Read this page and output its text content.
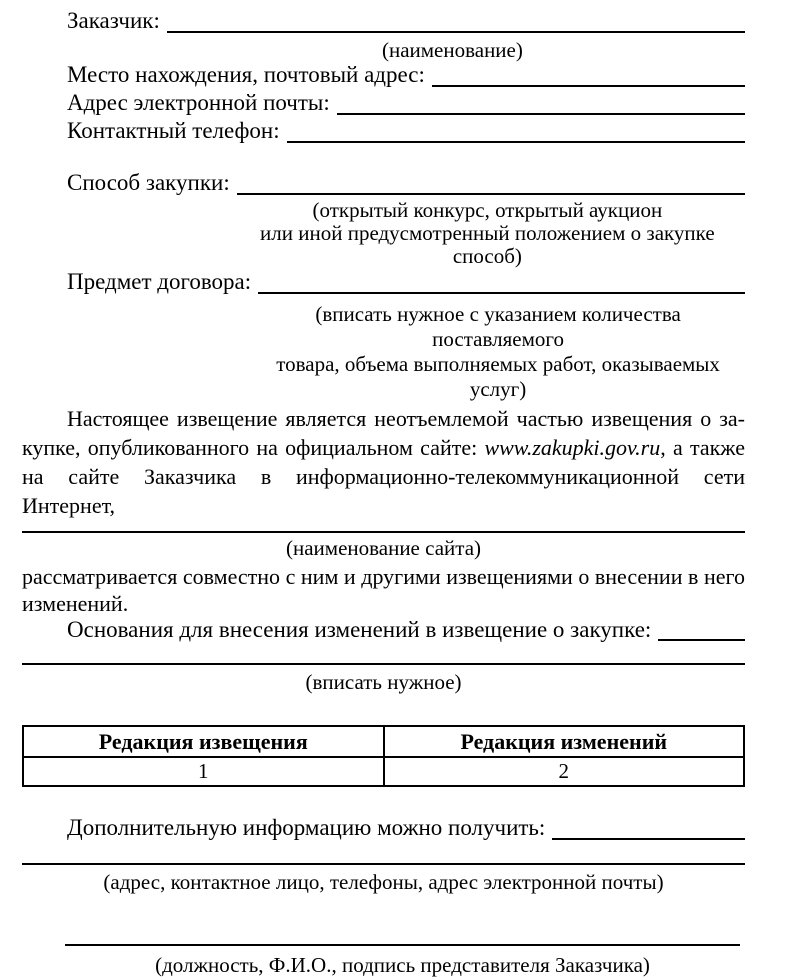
Заказчик:
(наименование)
Место нахождения, почтовый адрес:
Адрес электронной почты:
Контактный телефон:
Способ закупки:
(открытый конкурс, открытый аукцион
или иной предусмотренный положением о закупке способ)
Предмет договора:
(вписать нужное с указанием количества поставляемого
товара, объема выполняемых работ, оказываемых услуг)
Настоящее извещение является неотъемлемой частью извещения о за-
купке, опубликованного на официальном сайте: www.zakupki.gov.ru, а также
на сайте Заказчика в информационно-телекоммуникационной сети Интернет,
(наименование сайта)
рассматривается совместно с ним и другими извещениями о внесении в него
изменений.
Основания для внесения изменений в извещение о закупке:
(вписать нужное)
Редакция извещения	Редакция изменений
1	2
Дополнительную информацию можно получить:
(адрес, контактное лицо, телефоны, адрес электронной почты)
(должность, Ф.И.О., подпись представителя Заказчика)
